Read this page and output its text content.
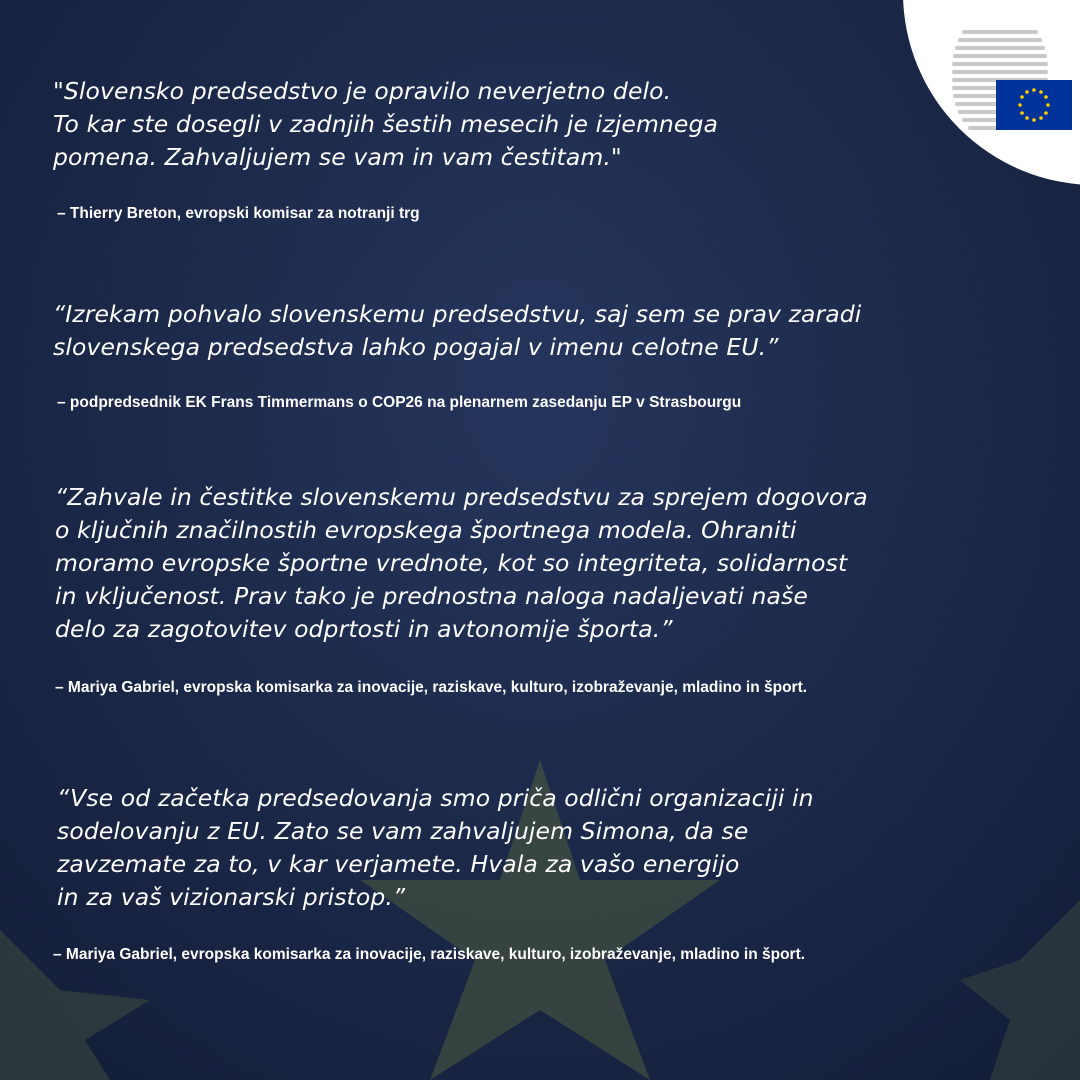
"Slovensko predsedstvo je opravilo neverjetno delo.
To kar ste dosegli v zadnjih šestih mesecih je izjemnega
pomena. Zahvaljujem se vam in vam čestitam."

– Thierry Breton, evropski komisar za notranji trg

“Izrekam pohvalo slovenskemu predsedstvu, saj sem se prav zaradi
slovenskega predsedstva lahko pogajal v imenu celotne EU.”

– podpredsednik EK Frans Timmermans o COP26 na plenarnem zasedanju EP v Strasbourgu

“Zahvale in čestitke slovenskemu predsedstvu za sprejem dogovora
o ključnih značilnostih evropskega športnega modela. Ohraniti
moramo evropske športne vrednote, kot so integriteta, solidarnost
in vključenost. Prav tako je prednostna naloga nadaljevati naše
delo za zagotovitev odprtosti in avtonomije športa.”

– Mariya Gabriel, evropska komisarka za inovacije, raziskave, kulturo, izobraževanje, mladino in šport.

“Vse od začetka predsedovanja smo priča odlični organizaciji in
sodelovanju z EU. Zato se vam zahvaljujem Simona, da se
zavzemate za to, v kar verjamete. Hvala za vašo energijo
in za vaš vizionarski pristop.”

– Mariya Gabriel, evropska komisarka za inovacije, raziskave, kulturo, izobraževanje, mladino in šport.
